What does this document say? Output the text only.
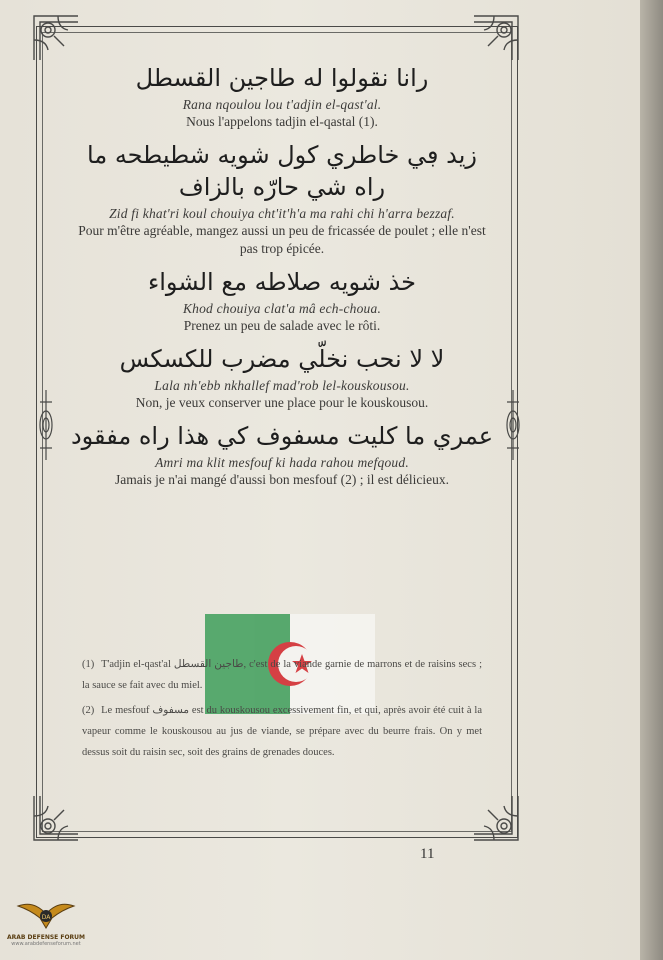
رانا نقولوا له طاجين القسطل

Rana nqoulou lou t'adjin el-qast'al.

Nous l'appelons tadjin el-qastal (1).

زيد ڢي خاطري كول شويه شطيطحه ما راه شي حارّه بالزاف

Zid fi khat'ri koul chouiya cht'it'h'a ma rahi chi h'arra bezzaf.

Pour m'être agréable, mangez aussi un peu de fricassée de poulet ; elle n'est pas trop épicée.

خذ شويه صلاطه مع الشواء

Khod chouiya clat'a mâ ech-choua.

Prenez un peu de salade avec le rôti.

لا لا نحب نخلّي مضرب للكسكس

Lala nh'ebb nkhallef mad'rob lel-kouskousou.

Non, je veux conserver une place pour le kouskousou.

عمري ما كليت مسفوف كي هذا راه مفقود

Amri ma klit mesfouf ki hada rahou mefqoud.

Jamais je n'ai mangé d'aussi bon mesfouf (2) ; il est délicieux.

(1) T'adjin el-qast'al طاجين القسطل, c'est de la viande garnie de marrons et de raisins secs ; la sauce se fait avec du miel.

(2) Le mesfouf مسفوف est du kouskousou excessivement fin, et qui, après avoir été cuit à la vapeur comme le kouskousou au jus de viande, se prépare avec du beurre frais. On y met dessus soit du raisin sec, soit des grains de grenades douces.

11
DA
ARAB DEFENSE FORUM
www.arabdefenseforum.net
